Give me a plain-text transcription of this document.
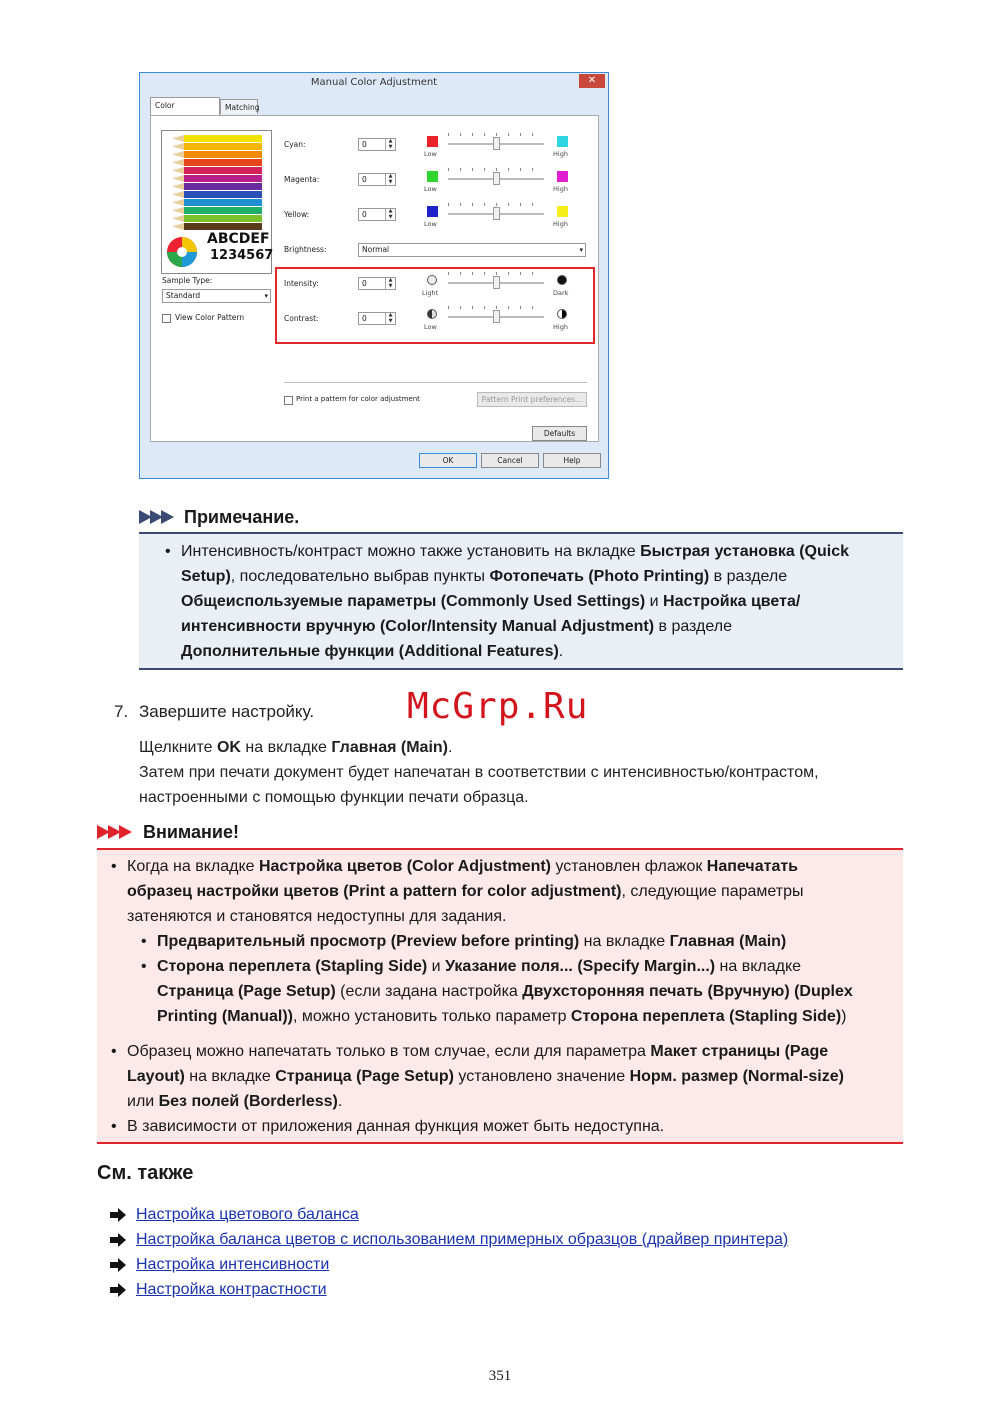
Manual Color Adjustment	✕
Color	Matching
ABCDEF
1234567
Sample Type:
Standard	▾
View Color Pattern
Cyan:	0	▲
▼
Low	High
Magenta:	0	▲
▼
Low	High
Yellow:	0	▲
▼
Low	High
Brightness:	Normal	▾
Intensity:	0	▲
▼
Light	Dark
Contrast:	0	▲
▼
Low	High
Print a pattern for color adjustment	Pattern Print preferences...
Defaults
OK	Cancel	Help
Примечание.
• Интенсивность/контраст можно также установить на вкладке Быстрая установка (Quick
Setup), последовательно выбрав пункты Фотопечать (Photo Printing) в разделе
Общеиспользуемые параметры (Commonly Used Settings) и Настройка цвета/
интенсивности вручную (Color/Intensity Manual Adjustment) в разделе
Дополнительные функции (Additional Features).
7. Завершите настройку.	McGrp.Ru
Щелкните OK на вкладке Главная (Main).
Затем при печати документ будет напечатан в соответствии с интенсивностью/контрастом,
настроенными с помощью функции печати образца.
Внимание!
• Когда на вкладке Настройка цветов (Color Adjustment) установлен флажок Напечатать
образец настройки цветов (Print a pattern for color adjustment), следующие параметры
затеняются и становятся недоступны для задания.
• Предварительный просмотр (Preview before printing) на вкладке Главная (Main)
• Сторона переплета (Stapling Side) и Указание поля... (Specify Margin...) на вкладке
Страница (Page Setup) (если задана настройка Двухсторонняя печать (Вручную) (Duplex
Printing (Manual)), можно установить только параметр Сторона переплета (Stapling Side))
• Образец можно напечатать только в том случае, если для параметра Макет страницы (Page
Layout) на вкладке Страница (Page Setup) установлено значение Норм. размер (Normal-size)
или Без полей (Borderless).
• В зависимости от приложения данная функция может быть недоступна.
См. также
Настройка цветового баланса
Настройка баланса цветов с использованием примерных образцов (драйвер принтера)
Настройка интенсивности
Настройка контрастности
351
